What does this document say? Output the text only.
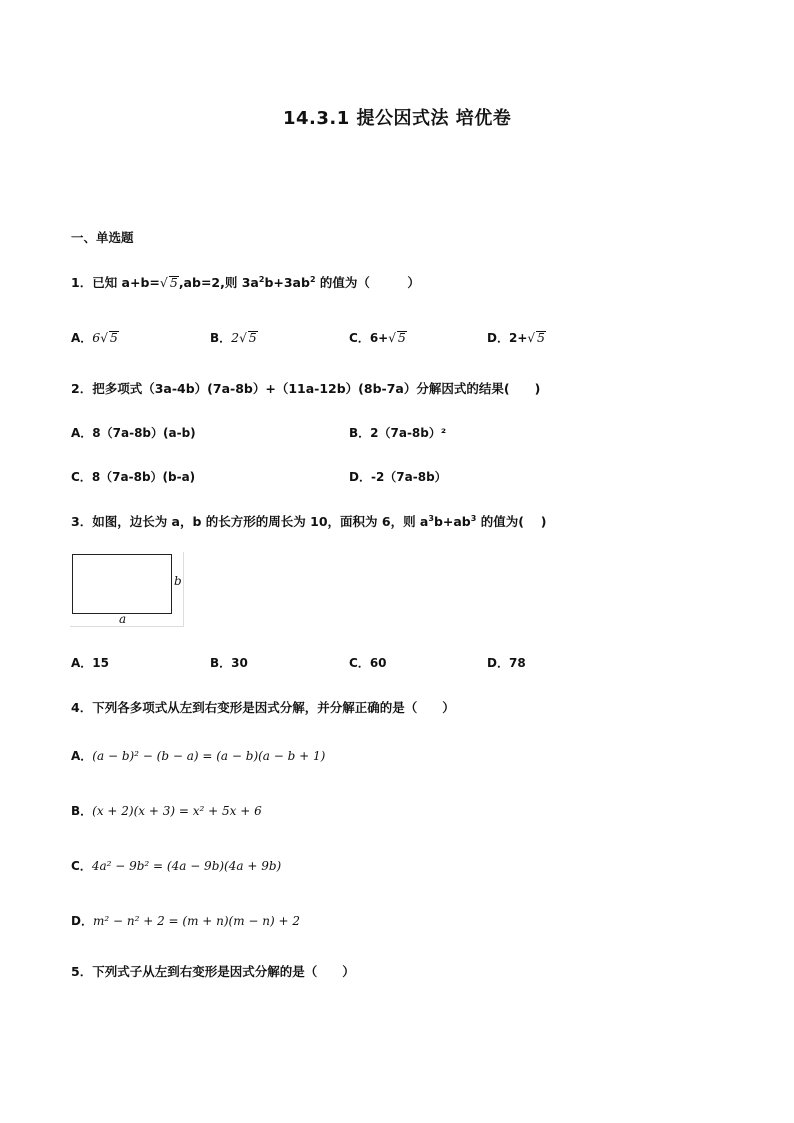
14.3.1 提公因式法 培优卷
一、单选题
1．已知 a+b=√ 5,ab=2,则 $3a^2b+3ab^2$ 的值为（　　　）
A．6√ 5	B．2√ 5	C．6+√ 5	D．2+√ 5
2．把多项式（3a-4b）(7a-8b）+（11a-12b）(8b-7a）分解因式的结果(　　)
A．8（7a-8b）(a-b)	B．2（7a-8b）²
C．8（7a-8b）(b-a)	D．-2（7a-8b）
3．如图，边长为 a，b 的长方形的周长为 10，面积为 6，则 $a^3b+ab^3$ 的值为(　 )
b
a
A．15	B．30	C．60	D．78
4．下列各多项式从左到右变形是因式分解，并分解正确的是（　　）
A．(a − b)² − (b − a) = (a − b)(a − b + 1)
B．(x + 2)(x + 3) = x² + 5x + 6
C．4a² − 9b² = (4a − 9b)(4a + 9b)
D．m² − n² + 2 = (m + n)(m − n) + 2
5．下列式子从左到右变形是因式分解的是（　　）
